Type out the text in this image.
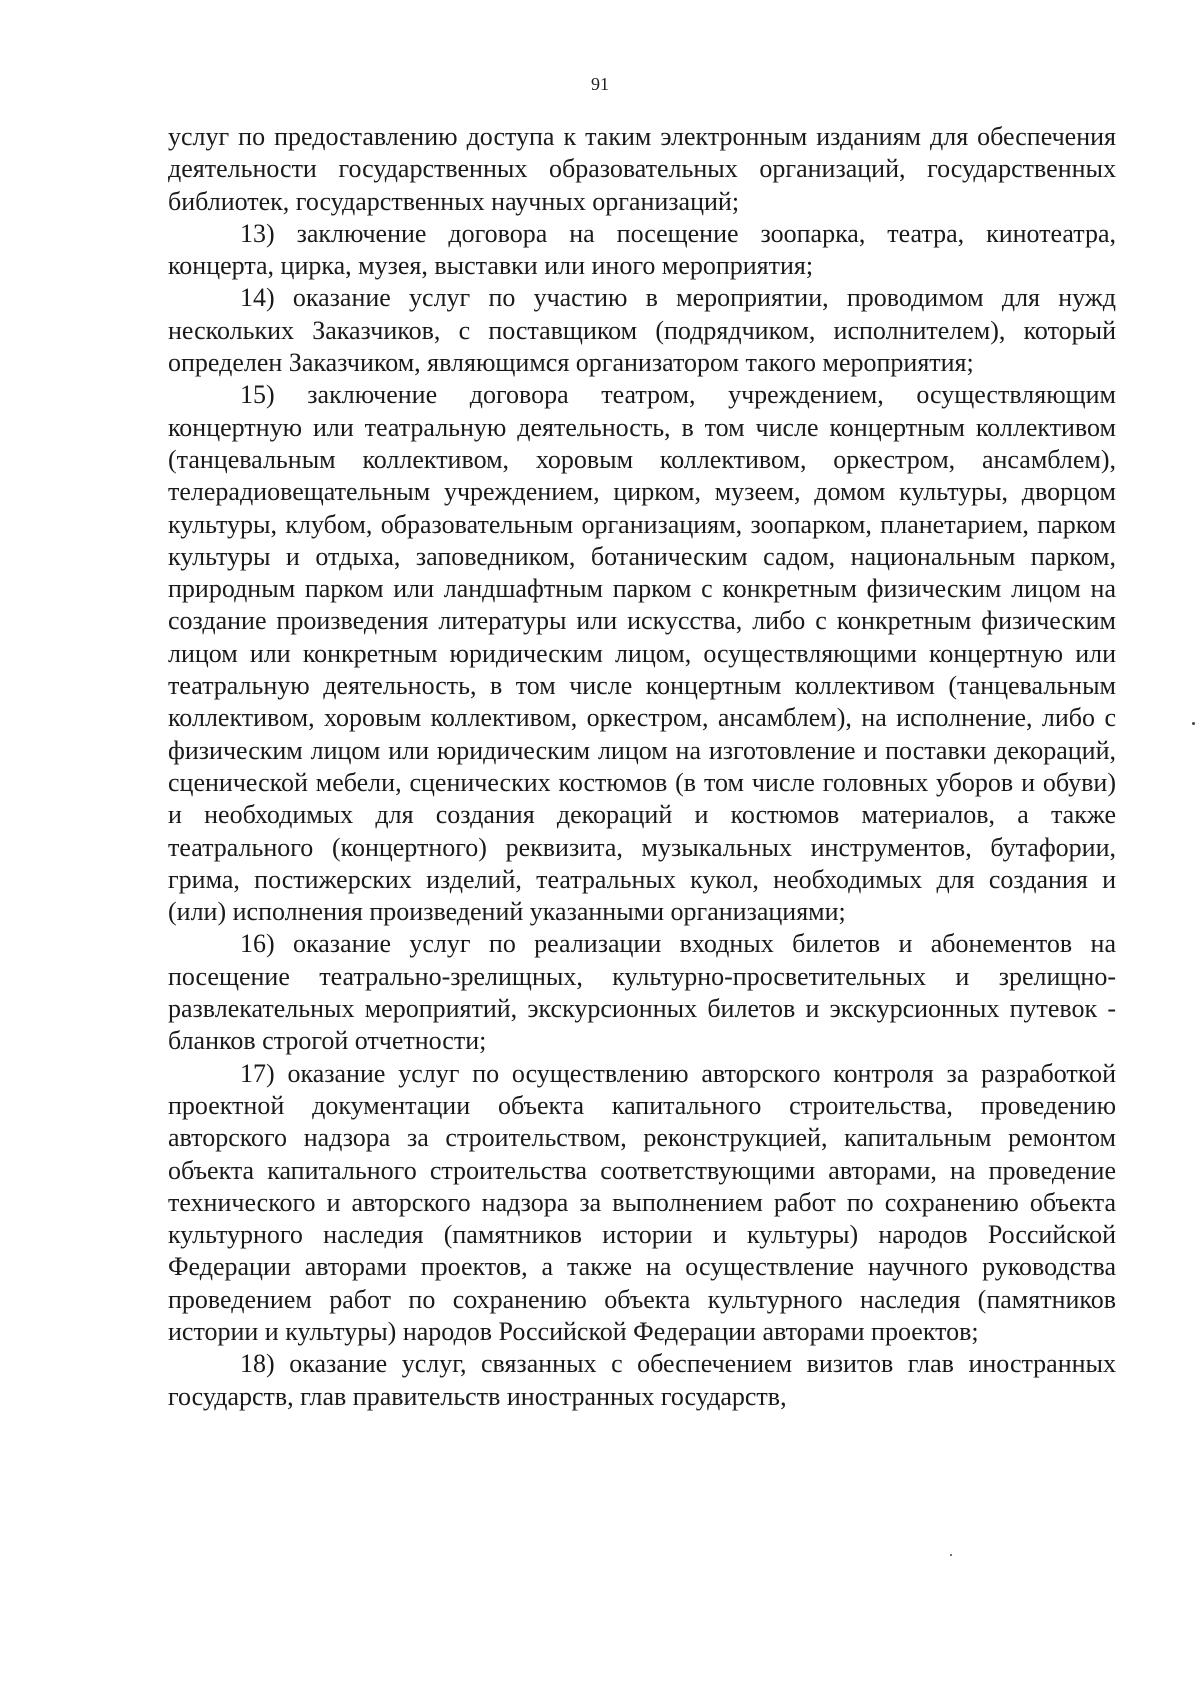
91

услуг по предоставлению доступа к таким электронным изданиям для обеспечения деятельности государственных образовательных организаций, государственных библиотек, государственных научных организаций;

13) заключение договора на посещение зоопарка, театра, кинотеатра, концерта, цирка, музея, выставки или иного мероприятия;

14) оказание услуг по участию в мероприятии, проводимом для нужд нескольких Заказчиков, с поставщиком (подрядчиком, исполнителем), который определен Заказчиком, являющимся организатором такого мероприятия;

15) заключение договора театром, учреждением, осуществляющим концертную или театральную деятельность, в том числе концертным коллективом (танцевальным коллективом, хоровым коллективом, оркестром, ансамблем), телерадиовещательным учреждением, цирком, музеем, домом культуры, дворцом культуры, клубом, образовательным организациям, зоопарком, планетарием, парком культуры и отдыха, заповедником, ботаническим садом, национальным парком, природным парком или ландшафтным парком с конкретным физическим лицом на создание произведения литературы или искусства, либо с конкретным физическим лицом или конкретным юридическим лицом, осуществляющими концертную или театральную деятельность, в том числе концертным коллективом (танцевальным коллективом, хоровым коллективом, оркестром, ансамблем), на исполнение, либо с физическим лицом или юридическим лицом на изготовление и поставки декораций, сценической мебели, сценических костюмов (в том числе головных уборов и обуви) и необходимых для создания декораций и костюмов материалов, а также театрального (концертного) реквизита, музыкальных инструментов, бутафории, грима, постижерских изделий, театральных кукол, необходимых для создания и (или) исполнения произведений указанными организациями;

16) оказание услуг по реализации входных билетов и абонементов на посещение театрально-зрелищных, культурно-просветительных и зрелищно-развлекательных мероприятий, экскурсионных билетов и экскурсионных путевок - бланков строгой отчетности;

17) оказание услуг по осуществлению авторского контроля за разработкой проектной документации объекта капитального строительства, проведению авторского надзора за строительством, реконструкцией, капитальным ремонтом объекта капитального строительства соответствующими авторами, на проведение технического и авторского надзора за выполнением работ по сохранению объекта культурного наследия (памятников истории и культуры) народов Российской Федерации авторами проектов, а также на осуществление научного руководства проведением работ по сохранению объекта культурного наследия (памятников истории и культуры) народов Российской Федерации авторами проектов;

18) оказание услуг, связанных с обеспечением визитов глав иностранных государств, глав правительств иностранных государств,
